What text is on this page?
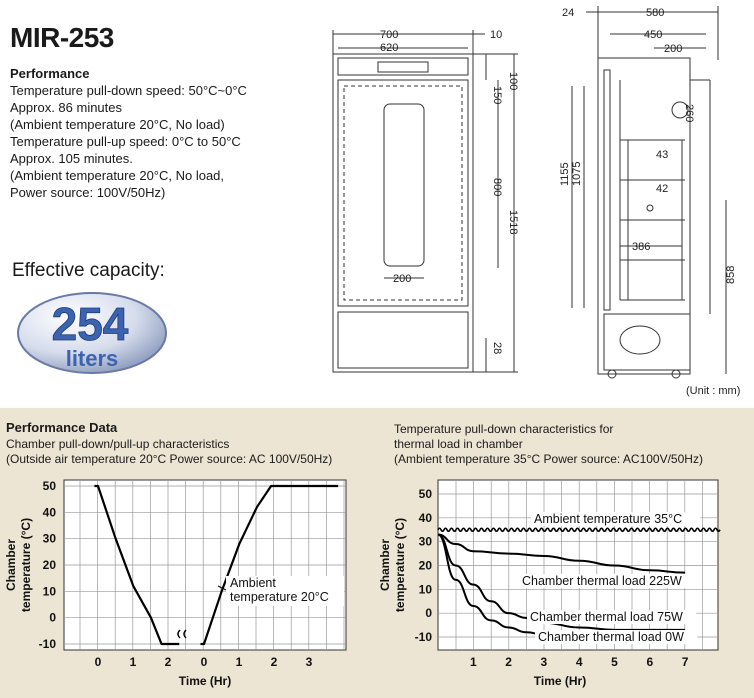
MIR-253
Performance
Temperature pull-down speed: 50°C~0°C
Approx. 86 minutes
(Ambient temperature 20°C, No load)
Temperature pull-up speed: 0°C to 50°C
Approx. 105 minutes.
(Ambient temperature 20°C, No load,
Power source: 100V/50Hz)
Effective capacity:
254
liters
700	10
620
100
150
800
1518
200
28
24	580
450
200
260
1155 1075
43
42
386
858
(Unit : mm)
Performance Data
Chamber pull-down/pull-up characteristics
(Outside air temperature 20°C Power source: AC 100V/50Hz)
Temperature pull-down characteristics for
thermal load in chamber
(Ambient temperature 35°C Power source: AC100V/50Hz)
50
40
30
20
10
0
-10
0 1 2 0 1 2 3
Time (Hr)
Chambertemperature (°C)	Ambient
temperature 20°C
50
40
30
20
10
0
-10
1 2 3 4 5 6 7
Time (Hr)
Chambertemperature (°C)	Ambient temperature 35°C
Chamber thermal load 225W
Chamber thermal load 75W
Chamber thermal load 0W
